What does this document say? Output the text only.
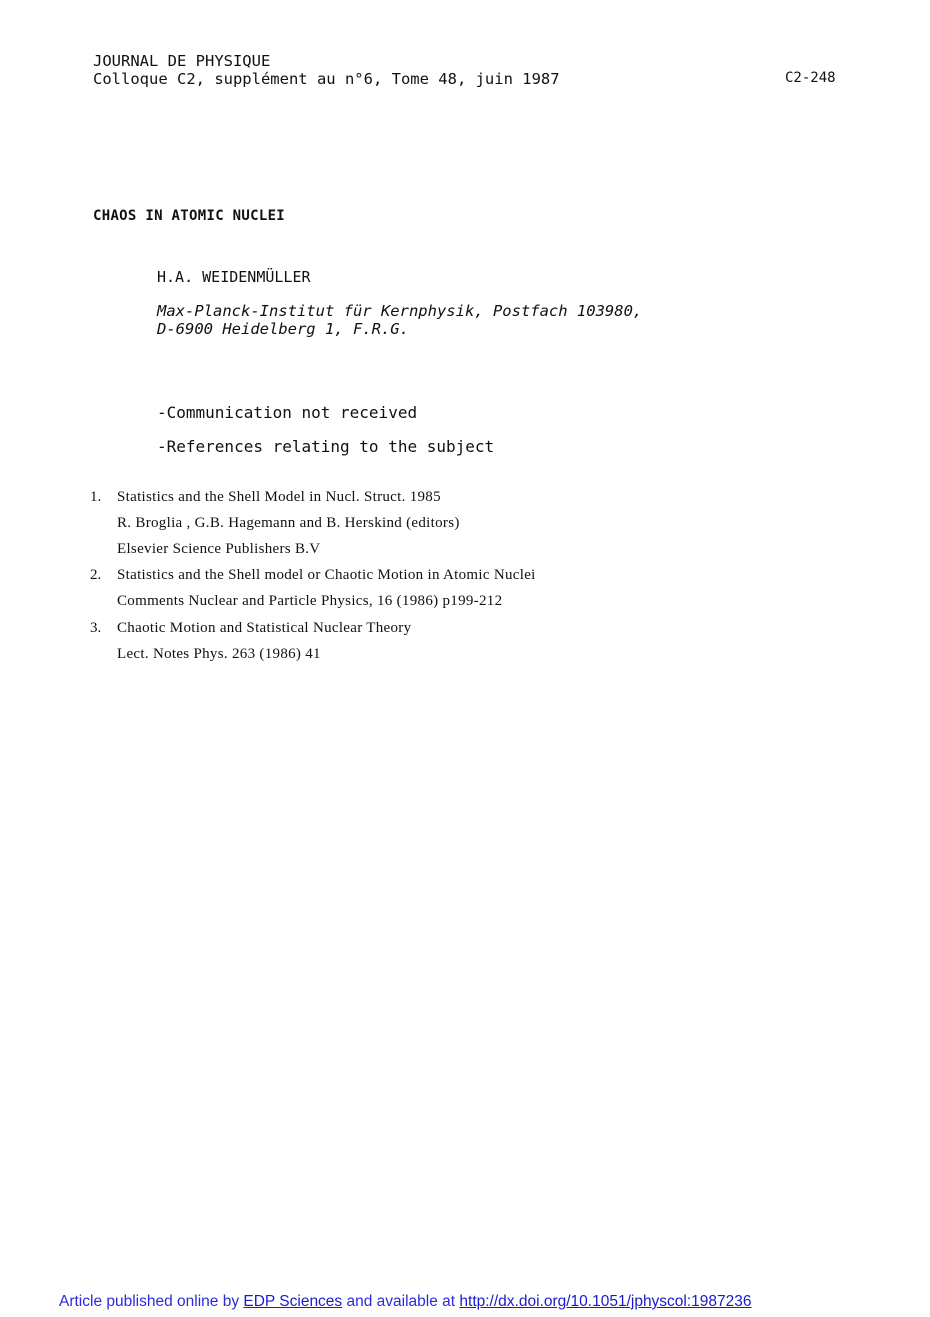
JOURNAL DE PHYSIQUE
Colloque C2, supplément au n°6, Tome 48, juin 1987	C2-248
CHAOS IN ATOMIC NUCLEI
H.A. WEIDENMÜLLER
Max-Planck-Institut für Kernphysik, Postfach 103980,
D-6900 Heidelberg 1, F.R.G.
-Communication not received
-References relating to the subject
1. Statistics and the Shell Model in Nucl. Struct. 1985
R. Broglia , G.B. Hagemann and B. Herskind (editors)
Elsevier Science Publishers B.V
2. Statistics and the Shell model or Chaotic Motion in Atomic Nuclei
Comments Nuclear and Particle Physics, 16 (1986) p199-212
3. Chaotic Motion and Statistical Nuclear Theory
Lect. Notes Phys. 263 (1986) 41
Article published online by EDP Sciences and available at http://dx.doi.org/10.1051/jphyscol:1987236
